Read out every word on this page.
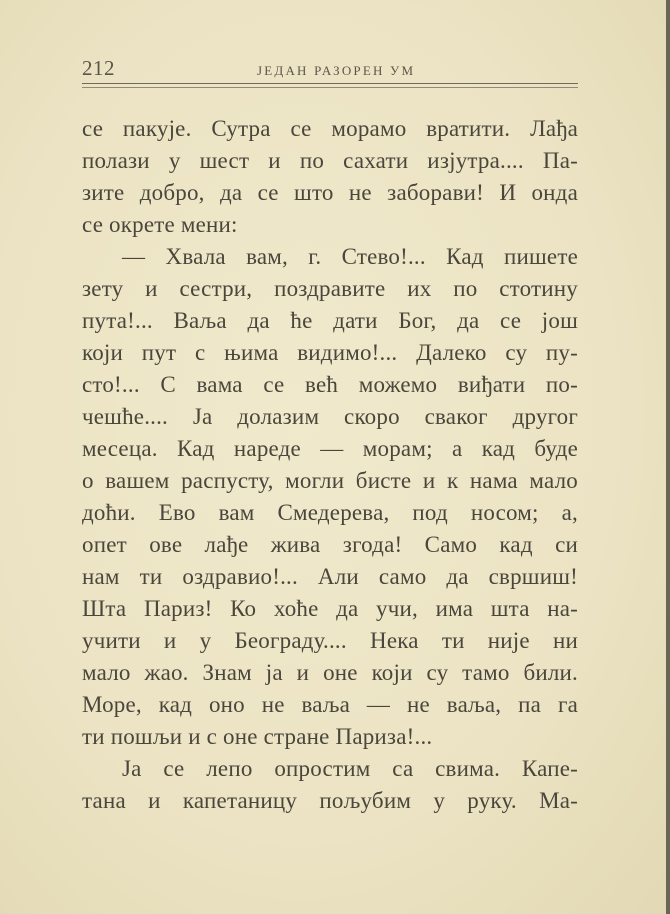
212	ЈЕДАН РАЗОРЕН УМ
се пакује. Сутра се морамо вратити. Лађа
полази у шест и по сахати изјутра.... Па-
зите добро, да се што не заборави! И онда
се окрете мени:
— Хвала вам, г. Стево!... Кад пишете
зету и сестри, поздравите их по стотину
пута!... Ваља да ће дати Бог, да се још
који пут с њима видимо!... Далеко су пу-
сто!... С вама се већ можемо виђати по-
чешће.... Ја долазим скоро сваког другог
месеца. Кад нареде — морам; а кад буде
о вашем распусту, могли бисте и к нама мало
доћи. Ево вам Смедерева, под носом; а,
опет ове лађе жива згода! Само кад си
нам ти оздравио!... Али само да свршиш!
Шта Париз! Ко хоће да учи, има шта на-
учити и у Београду.... Нека ти није ни
мало жао. Знам ја и оне који су тамо били.
Море, кад оно не ваља — не ваља, па га
ти пошљи и с оне стране Париза!...
Ја се лепо опростим са свима. Капе-
тана и капетаницу пољубим у руку. Ма-
